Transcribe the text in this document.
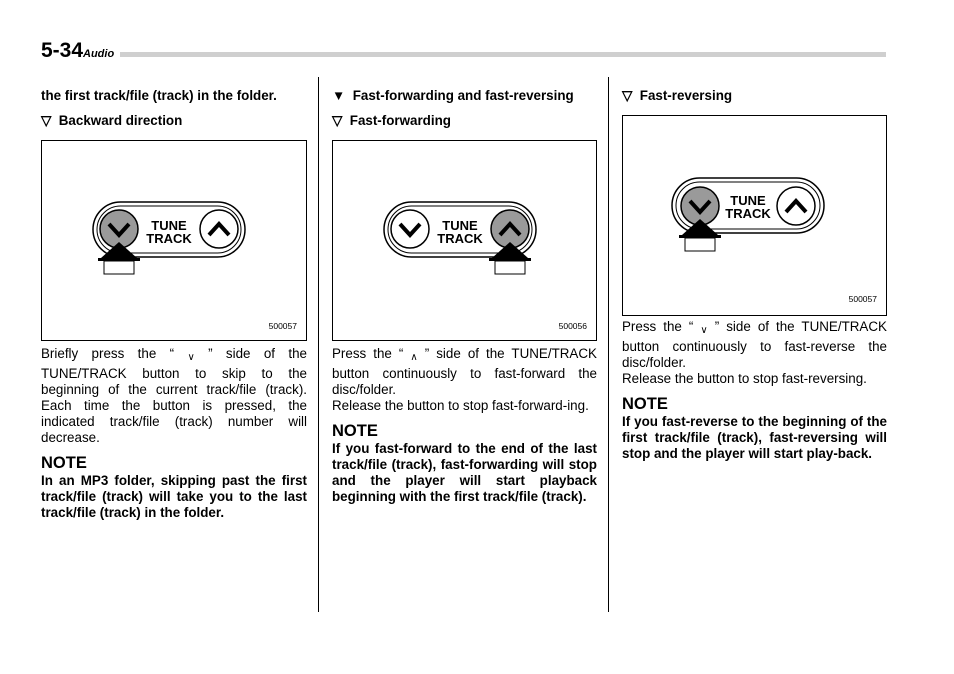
5-34 Audio

the first track/file (track) in the folder.

▽ Backward direction

TUNE
TRACK
500057

Briefly press the “ ∨ ” side of the TUNE/TRACK button to skip to the beginning of the current track/file (track). Each time the button is pressed, the indicated track/file (track) number will decrease.

NOTE

In an MP3 folder, skipping past the first track/file (track) will take you to the last track/file (track) in the folder.

▼ Fast-forwarding and fast-reversing

▽ Fast-forwarding

TUNE
TRACK
500056

Press the “ ∧ ” side of the TUNE/TRACK button continuously to fast-forward the disc/folder.

Release the button to stop fast-forward-ing.

NOTE

If you fast-forward to the end of the last track/file (track), fast-forwarding will stop and the player will start playback beginning with the first track/file (track).

▽ Fast-reversing

TUNE
TRACK
500057

Press the “ ∨ ” side of the TUNE/TRACK button continuously to fast-reverse the disc/folder.

Release the button to stop fast-reversing.

NOTE

If you fast-reverse to the beginning of the first track/file (track), fast-reversing will stop and the player will start play-back.
